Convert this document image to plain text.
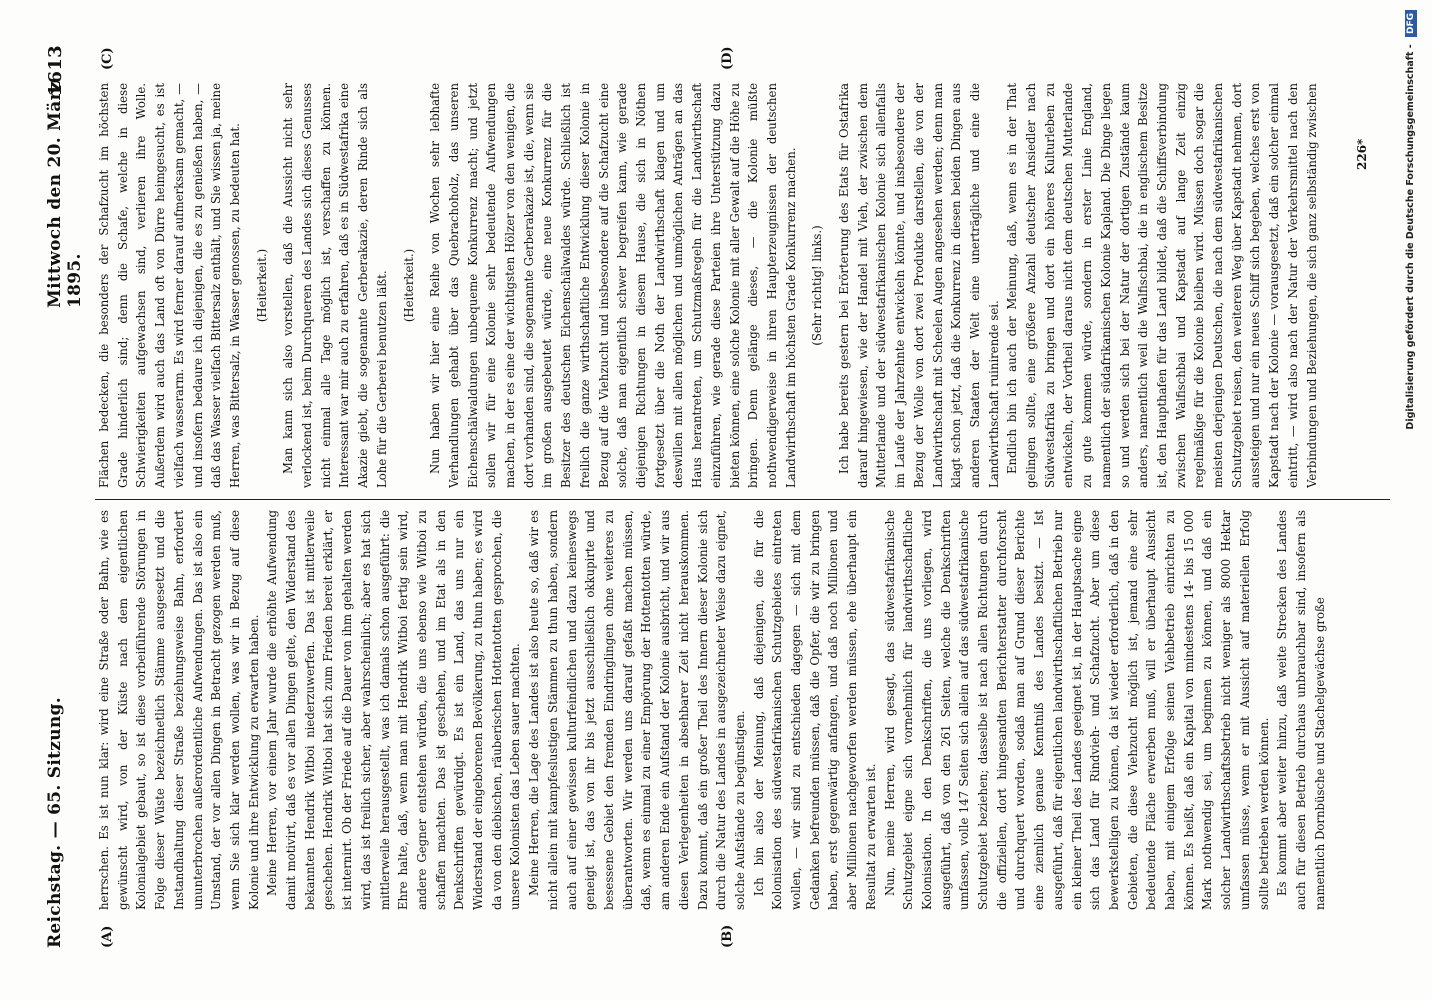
Reichstag. — 65. Sitzung.
Mittwoch den 20. März 1895.
1613
(A)	(B)
(C)	(D)

herrschen. Es ist nun klar: wird eine Straße oder Bahn, wie es gewünscht wird, von der Küste nach dem eigentlichen Kolonialgebiet gebaut, so ist diese vorbeiführende Störungen in Folge dieser Wüste bezeichnetlich Stämme ausgesetzt und die Instandhaltung dieser Straße beziehungsweise Bahn, erfordert ununterbrochen außerordentliche Aufwendungen. Das ist also ein Umstand, der vor allen Dingen in Betracht gezogen werden muß, wenn Sie sich klar werden wollen, was wir in Bezug auf diese Kolonie und ihre Entwicklung zu erwarten haben. Meine Herren, vor einem Jahr wurde die erhöhte Aufwendung damit motivirt, daß es vor allen Dingen gelte, den Widerstand des bekannten Hendrik Witboi niederzuwerfen. Das ist mittlerweile geschehen. Hendrik Witboi hat sich zum Frieden bereit erklärt, er ist internirt. Ob der Friede auf die Dauer von ihm gehalten werden wird, das ist freilich sicher, aber wahrscheinlich; aber es hat sich mittlerweile herausgestellt, was ich damals schon ausgeführt: die Ehre halte, daß, wenn man mit Hendrik Witboi fertig sein wird, andere Gegner entstehen würden, die uns ebenso wie Witboi zu schaffen machten. Das ist geschehen, und im Etat als in den Denkschriften gewürdigt. Es ist ein Land, das uns nur ein Widerstand der eingeborenen Bevölkerung, zu thun haben; es wird da von den diebischen, räuberischen Hottentotten gesprochen, die unsere Kolonisten das Leben sauer machten. Meine Herren, die Lage des Landes ist also heute so, daß wir es nicht allein mit kampfeslustigen Stämmen zu thun haben, sondern auch auf einer gewissen kulturfeindlichen und dazu keineswegs geneigt ist, das von ihr bis jetzt ausschließlich okkupirte und besessene Gebiet den fremden Eindringlingen ohne weiteres zu überantworten. Wir werden uns darauf gefaßt machen müssen, daß, wenn es einmal zu einer Empörung der Hottentotten würde, am anderen Ende ein Aufstand der Kolonie ausbricht, und wir aus diesen Verlegenheiten in absehbarer Zeit nicht herauskommen. Dazu kommt, daß ein großer Theil des Innern dieser Kolonie sich durch die Natur des Landes in ausgezeichneter Weise dazu eignet, solche Aufstände zu begünstigen. Ich bin also der Meinung, daß diejenigen, die für die Kolonisation des südwestafrikanischen Schutzgebietes eintreten wollen, — wir sind zu entschieden dagegen — sich mit dem Gedanken befreunden müssen, daß die Opfer, die wir zu bringen haben, erst gegenwärtig anfangen, und daß noch Millionen und aber Millionen nachgeworfen werden müssen, ehe überhaupt ein Resultat zu erwarten ist. Nun, meine Herren, wird gesagt, das südwestafrikanische Schutzgebiet eigne sich vornehmlich für landwirthschaftliche Kolonisation. In den Denkschriften, die uns vorliegen, wird ausgeführt, daß von den 261 Seiten, welche die Denkschriften umfassen, volle 147 Seiten sich allein auf das südwestafrikanische Schutzgebiet beziehen; dasselbe ist nach allen Richtungen durch die offiziellen, dort hingesandten Berichterstatter durchforscht und durchquert worden, sodaß man auf Grund dieser Berichte eine ziemlich genaue Kenntniß des Landes besitzt. — Ist ausgeführt, daß für eigentlichen landwirthschaftlichen Betrieb nur ein kleiner Theil des Landes geeignet ist, in der Hauptsache eigne sich das Land für Rindvieh- und Schafzucht. Aber um diese bewerkstelligen zu können, da ist wieder erforderlich, daß in den Gebieten, die diese Viehzucht möglich ist, jemand eine sehr bedeutende Fläche erwerben muß, will er überhaupt Aussicht haben, mit einigem Erfolge seinen Viehbetrieb einrichten zu können. Es heißt, daß ein Kapital von mindestens 14- bis 15 000 Mark nothwendig sei, um beginnen zu können, und daß ein solcher Landwirthschaftsbetrieb nicht weniger als 8000 Hektar umfassen müsse, wenn er mit Aussicht auf materiellen Erfolg sollte betrieben werden können. Es kommt aber weiter hinzu, daß weite Strecken des Landes auch für diesen Betrieb durchaus unbrauchbar sind, insofern als namentlich Dornbüsche und Stachelgewächse große

Flächen bedecken, die besonders der Schafzucht im höchsten Grade hinderlich sind; denn die Schafe, welche in diese Schwierigkeiten aufgewachsen sind, verlieren ihre Wolle. Außerdem wird auch das Land oft von Dürre heimgesucht, es ist vielfach wasserarm. Es wird ferner darauf aufmerksam gemacht, — und insofern bedaure ich diejenigen, die es zu genießen haben, — daß das Wasser vielfach Bittersalz enthält, und Sie wissen ja, meine Herren, was Bittersalz, in Wasser genossen, zu bedeuten hat. (Heiterkeit.) Man kann sich also vorstellen, daß die Aussicht nicht sehr verlockend ist, beim Durchqueren des Landes sich dieses Genusses nicht einmal alle Tage möglich ist, verschaffen zu können. Interessant war mir auch zu erfahren, daß es in Südwestafrika eine Akazie giebt, die sogenannte Gerberakazie, deren Rinde sich als Lohe für die Gerberei benutzen läßt. (Heiterkeit.) Nun haben wir hier eine Reihe von Wochen sehr lebhafte Verhandlungen gehabt über das Quebrachoholz, das unseren Eichenschälwaldungen unbequeme Konkurrenz macht; und jetzt sollen wir für eine Kolonie sehr bedeutende Aufwendungen machen, in der es eine der wichtigsten Hölzer von den wenigen, die dort vorhanden sind, die sogenannte Gerberakazie ist, die, wenn sie im großen ausgebeutet würde, eine neue Konkurrenz für die Besitzer des deutschen Eichenschälwaldes würde. Schließlich ist freilich die ganze wirthschaftliche Entwicklung dieser Kolonie in Bezug auf die Viehzucht und insbesondere auf die Schafzucht eine solche, daß man eigentlich schwer begreifen kann, wie gerade diejenigen Richtungen in diesem Hause, die sich in Nöthen fortgesetzt über die Noth der Landwirthschaft klagen und um deswillen mit allen möglichen und unmöglichen Anträgen an das Haus herantreten, um Schutzmaßregeln für die Landwirthschaft einzuführen, wie gerade diese Parteien ihre Unterstützung dazu bieten können, eine solche Kolonie mit aller Gewalt auf die Höhe zu bringen. Denn gelänge dieses, — die Kolonie müßte nothwendigerweise in ihren Haupterzeugnissen der deutschen Landwirthschaft im höchsten Grade Konkurrenz machen. (Sehr richtig! links.) Ich habe bereits gestern bei Erörterung des Etats für Ostafrika darauf hingewiesen, wie der Handel mit Vieh, der zwischen dem Mutterlande und der südwestafrikanischen Kolonie sich allenfalls im Laufe der Jahrzehnte entwickeln könnte, und insbesondere der Bezug der Wolle von dort zwei Produkte darstellen, die von der Landwirthschaft mit Scheelen Augen angesehen werden; denn man klagt schon jetzt, daß die Konkurrenz in diesen beiden Dingen aus anderen Staaten der Welt eine unerträgliche und eine die Landwirthschaft ruinirende sei. Endlich bin ich auch der Meinung, daß, wenn es in der That gelingen sollte, eine größere Anzahl deutscher Ansiedler nach Südwestafrika zu bringen und dort ein höheres Kulturleben zu entwickeln, der Vortheil daraus nicht dem deutschen Mutterlande zu gute kommen würde, sondern in erster Linie England, namentlich der südafrikanischen Kolonie Kapland. Die Dinge liegen so und werden sich bei der Natur der dortigen Zustände kaum anders, namentlich weil die Walfischbai, die in englischem Besitze ist, den Haupthafen für das Land bildet, daß die Schiffsverbindung zwischen Walfischbai und Kapstadt auf lange Zeit einzig regelmäßige für die Kolonie bleiben wird. Müssen doch sogar die meisten derjenigen Deutschen, die nach dem südwestafrikanischen Schutzgebiet reisen, den weiteren Weg über Kapstadt nehmen, dort aussteigen und nur ein neues Schiff sich begeben, welches erst von Kapstadt nach der Kolonie — vorausgesetzt, daß ein solcher einmal eintritt, — wird also nach der Natur der Verkehrsmittel nach den Verbindungen und Beziehungen, die sich ganz selbständig zwischen	226*	Digitalisierung gefördert durch die Deutsche Forschungsgemeinschaft - DFG
